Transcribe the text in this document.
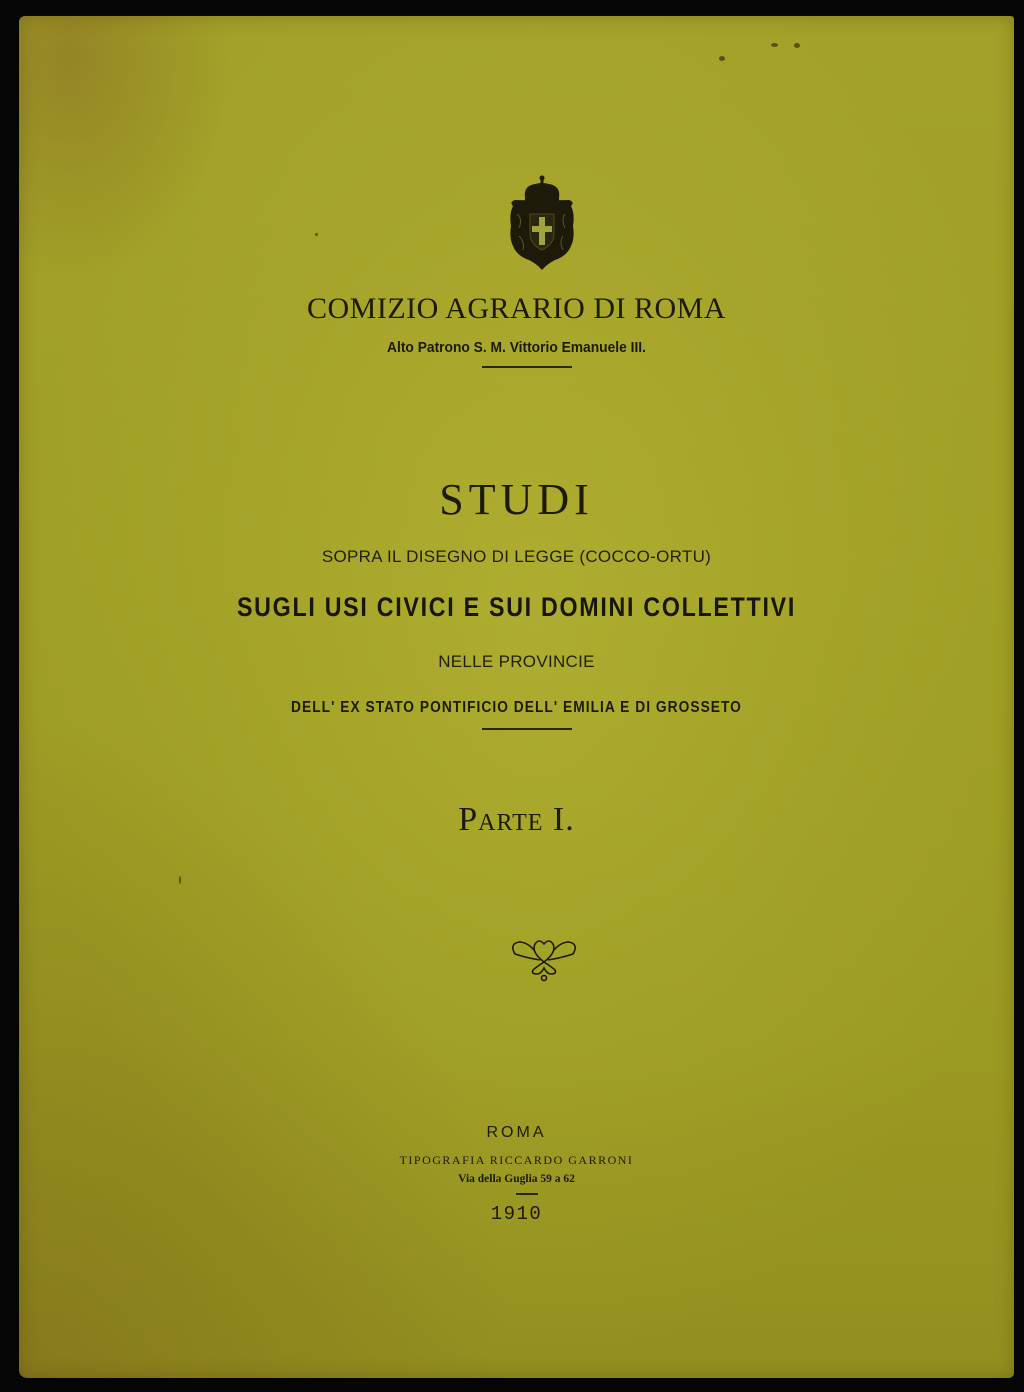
COMIZIO AGRARIO DI ROMA
Alto Patrono S. M. Vittorio Emanuele III.
STUDI
SOPRA IL DISEGNO DI LEGGE (COCCO-ORTU)
SUGLI USI CIVICI E SUI DOMINI COLLETTIVI
NELLE PROVINCIE
DELL' EX STATO PONTIFICIO DELL' EMILIA E DI GROSSETO
Parte I.
ROMA
TIPOGRAFIA RICCARDO GARRONI
Via della Guglia 59 a 62
1910
